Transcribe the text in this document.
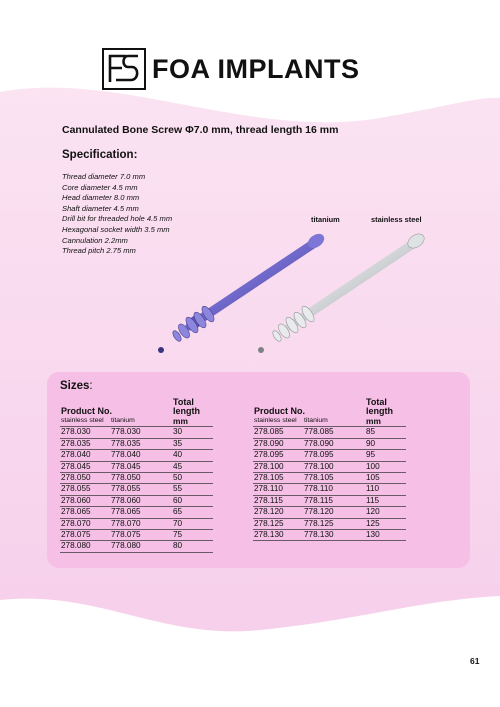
FOA IMPLANTS
Cannulated Bone Screw Φ7.0 mm, thread length 16 mm
Specification:
Thread diameter 7.0 mm
Core diameter 4.5 mm
Head diameter 8.0 mm
Shaft diameter 4.5 mm
Drill bit for threaded hole 4.5 mm
Hexagonal socket width 3.5 mm
Cannulation 2.2mm
Thread pitch 2.75 mm
titanium	stainless steel
Sizes:
Product No.		Total
length
stainless steel	titanium	mm
278.030	778.030	30
278.035	778.035	35
278.040	778.040	40
278.045	778.045	45
278.050	778.050	50
278.055	778.055	55
278.060	778.060	60
278.065	778.065	65
278.070	778.070	70
278.075	778.075	75
278.080	778.080	80
Product No.		Total
length
stainless steel	titanium	mm
278.085	778.085	85
278.090	778.090	90
278.095	778.095	95
278.100	778.100	100
278.105	778.105	105
278.110	778.110	110
278.115	778.115	115
278.120	778.120	120
278.125	778.125	125
278.130	778.130	130
61
